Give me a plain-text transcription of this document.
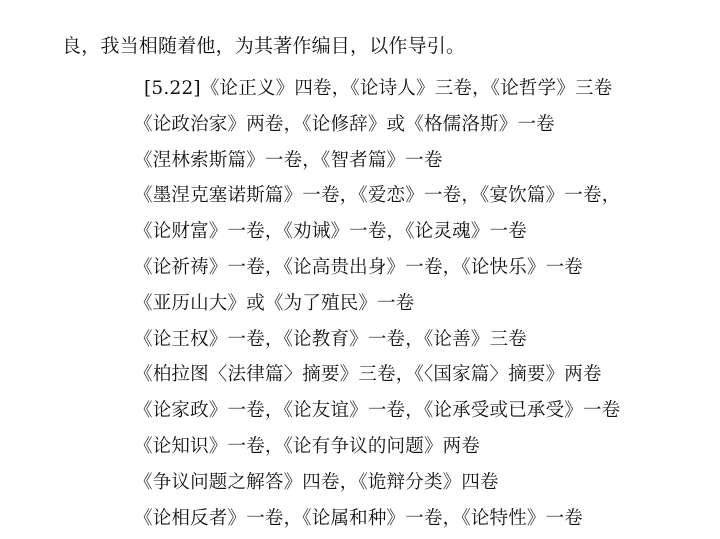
良，我当相随着他，为其著作编目，以作导引。
[5.22]《论正义》四卷，《论诗人》三卷，《论哲学》三卷
《论政治家》两卷，《论修辞》或《格儒洛斯》一卷
《涅林索斯篇》一卷，《智者篇》一卷
《墨涅克塞诺斯篇》一卷，《爱恋》一卷，《宴饮篇》一卷，
《论财富》一卷，《劝诫》一卷，《论灵魂》一卷
《论祈祷》一卷，《论高贵出身》一卷，《论快乐》一卷
《亚历山大》或《为了殖民》一卷
《论王权》一卷，《论教育》一卷，《论善》三卷
《柏拉图〈法律篇〉摘要》三卷，《〈国家篇〉摘要》两卷
《论家政》一卷，《论友谊》一卷，《论承受或已承受》一卷
《论知识》一卷，《论有争议的问题》两卷
《争议问题之解答》四卷，《诡辩分类》四卷
《论相反者》一卷，《论属和种》一卷，《论特性》一卷
